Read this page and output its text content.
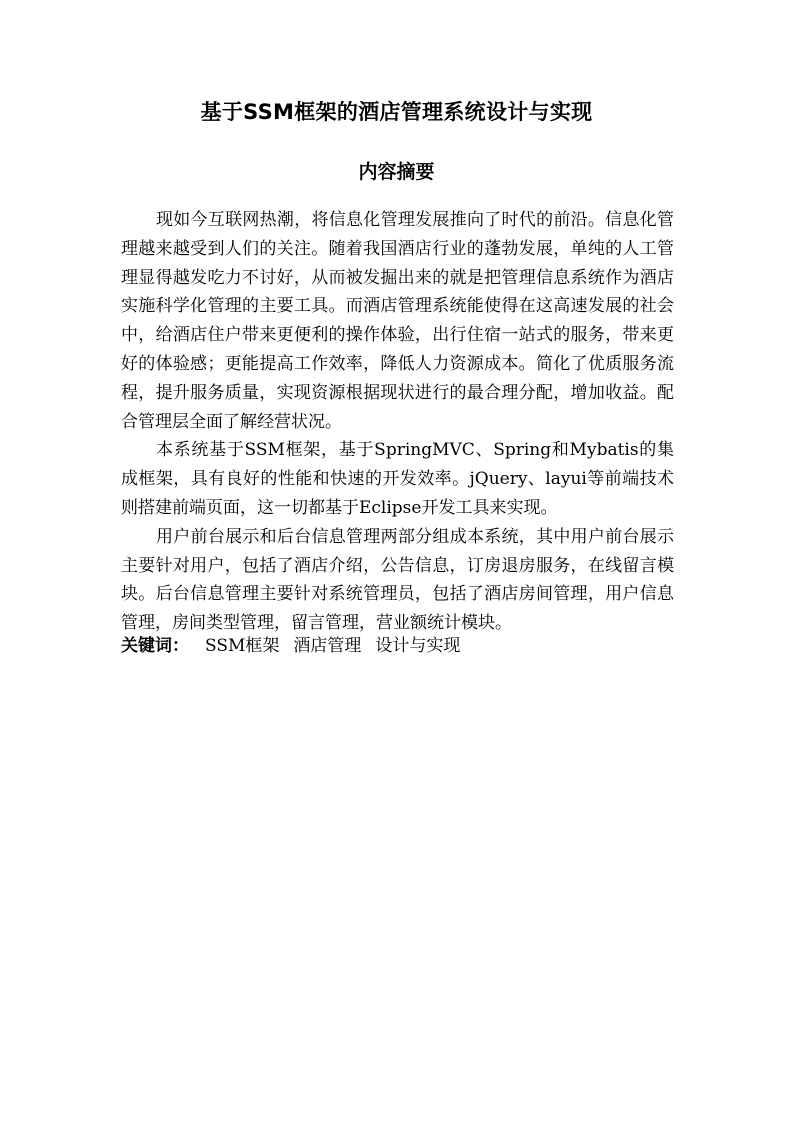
基于SSM框架的酒店管理系统设计与实现
内容摘要

现如今互联网热潮，将信息化管理发展推向了时代的前沿。信息化管理越来越受到人们的关注。随着我国酒店行业的蓬勃发展，单纯的人工管理显得越发吃力不讨好，从而被发掘出来的就是把管理信息系统作为酒店实施科学化管理的主要工具。而酒店管理系统能使得在这高速发展的社会中，给酒店住户带来更便利的操作体验，出行住宿一站式的服务，带来更好的体验感；更能提高工作效率，降低人力资源成本。简化了优质服务流程，提升服务质量，实现资源根据现状进行的最合理分配，增加收益。配合管理层全面了解经营状况。

本系统基于SSM框架，基于SpringMVC、Spring和Mybatis的集成框架，具有良好的性能和快速的开发效率。jQuery、layui等前端技术则搭建前端页面，这一切都基于Eclipse开发工具来实现。

用户前台展示和后台信息管理两部分组成本系统，其中用户前台展示主要针对用户，包括了酒店介绍，公告信息，订房退房服务，在线留言模块。后台信息管理主要针对系统管理员，包括了酒店房间管理，用户信息管理，房间类型管理，留言管理，营业额统计模块。

关键词： SSM框架 酒店管理 设计与实现
